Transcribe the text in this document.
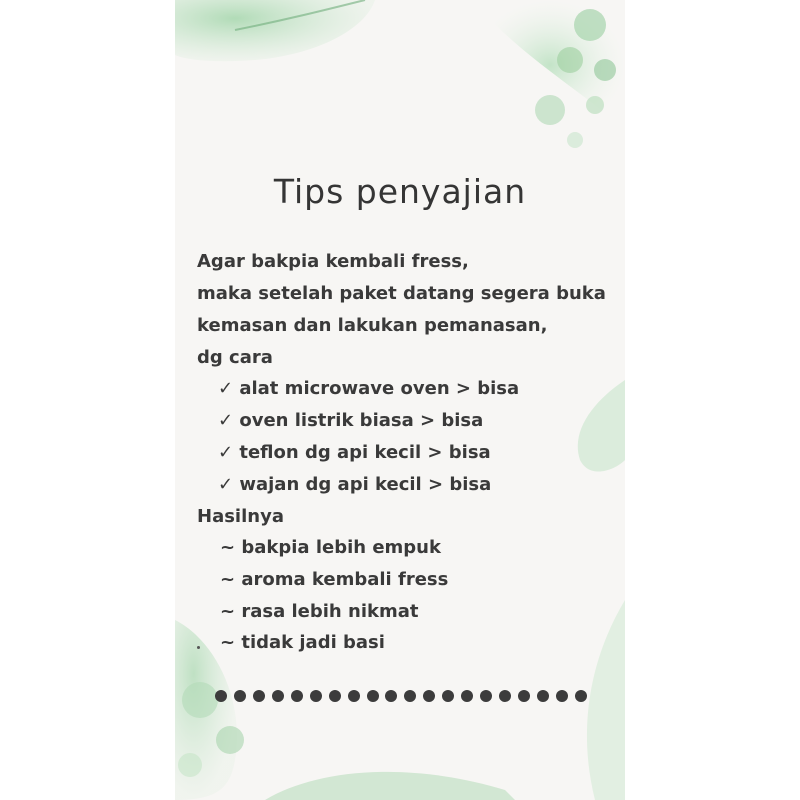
Tips penyajian
Agar bakpia kembali fress,
maka setelah paket datang segera buka
kemasan dan lakukan pemanasan,
dg cara
✓ alat microwave oven > bisa
✓ oven listrik biasa > bisa
✓ teflon dg api kecil > bisa
✓ wajan dg api kecil > bisa
Hasilnya
~ bakpia lebih empuk
~ aroma kembali fress
~ rasa lebih nikmat
~ tidak jadi basi
